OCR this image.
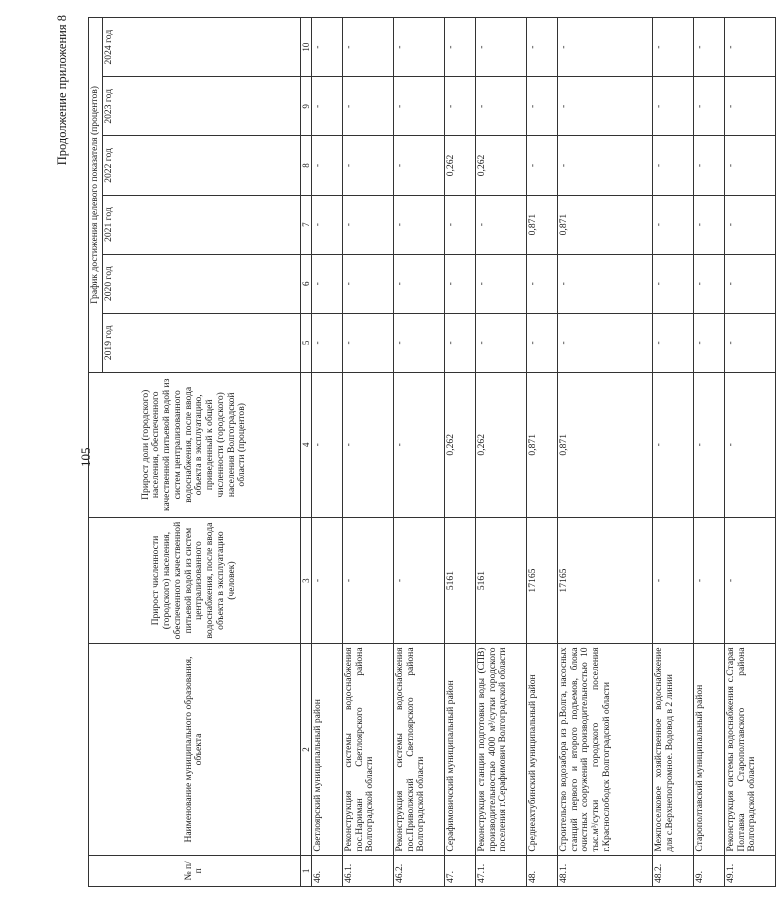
105
Продолжение приложения 8
№ п/п	Наименование муниципального образования, объекта	Прирост численности (городского) населения, обеспеченного качественной питьевой водой из систем централизованного водоснабжения, после ввода объекта в эксплуатацию (человек)	Прирост доли (городского) населения, обеспеченного качественной питьевой водой из систем централизованного водоснабжения, после ввода объекта в эксплуатацию, приведенный к общей численности (городского) населения Волгоградской области (процентов)	График достижения целевого показателя (процентов)					
				2019 год	2020 год	2021 год	2022 год	2023 год	2024 год
1	2	3	4	5	6	7	8	9	10
46.	Светлоярский муниципальный район	-	-	-	-	-	-	-	-
46.1.	Реконструкция системы водоснабжения пос.Нариман Светлоярского района Волгоградской области	-	-	-	-	-	-	-	-
46.2.	Реконструкция системы водоснабжения пос.Приволжский Светлоярского района Волгоградской области	-	-	-	-	-	-	-	-
47.	Серафимовичский муниципальный район	5161	0,262	-	-	-	0,262	-	-
47.1.	Реконструкция станции подготовки воды (СПВ) производительностью 4000 м³/сутки городского поселения г.Серафимович Волгоградской области	5161	0,262	-	-	-	0,262	-	-
48.	Среднеахтубинский муниципальный район	17165	0,871	-	-	0,871	-	-	-
48.1.	Строительство водозабора из р.Волга, насосных станций первого и второго подъемов, блока очистных сооружений производительностью 10 тыс.м³/сутки городского поселения г.Краснослободск Волгоградской области	17165	0,871	-	-	0,871	-	-	-
48.2.	Межпоселковое хозяйственное водоснабжение для с.Верхнепогромное. Водовод в 2 линии	-	-	-	-	-	-	-	-
49.	Старополтавский муниципальный район	-	-	-	-	-	-	-	-
49.1.	Реконструкция системы водоснабжения с.Старая Полтавка Старополтавского района Волгоградской области	-	-	-	-	-	-	-	-
